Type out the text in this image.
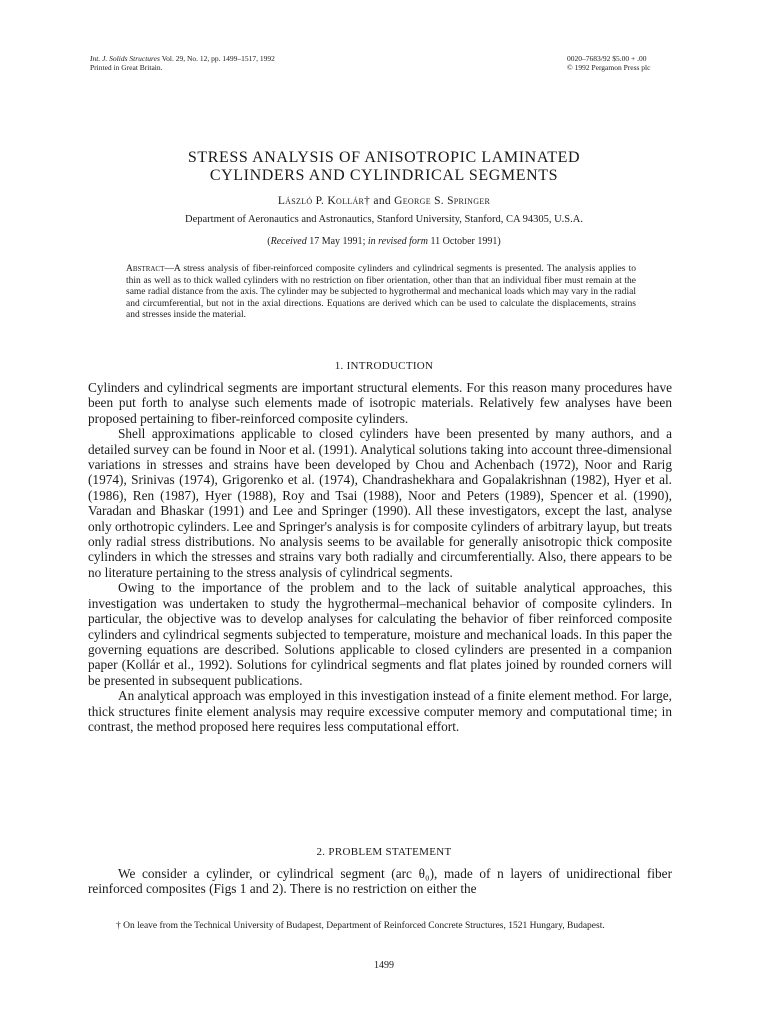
Int. J. Solids Structures Vol. 29, No. 12, pp. 1499–1517, 1992
Printed in Great Britain.
0020–7683/92 $5.00 + .00
© 1992 Pergamon Press plc
STRESS ANALYSIS OF ANISOTROPIC LAMINATED
CYLINDERS AND CYLINDRICAL SEGMENTS
László P. Kollár† and George S. Springer
Department of Aeronautics and Astronautics, Stanford University, Stanford, CA 94305, U.S.A.
(Received 17 May 1991; in revised form 11 October 1991)
Abstract—A stress analysis of fiber-reinforced composite cylinders and cylindrical segments is presented. The analysis applies to thin as well as to thick walled cylinders with no restriction on fiber orientation, other than that an individual fiber must remain at the same radial distance from the axis. The cylinder may be subjected to hygrothermal and mechanical loads which may vary in the radial and circumferential, but not in the axial directions. Equations are derived which can be used to calculate the displacements, strains and stresses inside the material.
1. INTRODUCTION

Cylinders and cylindrical segments are important structural elements. For this reason many procedures have been put forth to analyse such elements made of isotropic materials. Relatively few analyses have been proposed pertaining to fiber-reinforced composite cylinders.

Shell approximations applicable to closed cylinders have been presented by many authors, and a detailed survey can be found in Noor et al. (1991). Analytical solutions taking into account three-dimensional variations in stresses and strains have been developed by Chou and Achenbach (1972), Noor and Rarig (1974), Srinivas (1974), Grigorenko et al. (1974), Chandrashekhara and Gopalakrishnan (1982), Hyer et al. (1986), Ren (1987), Hyer (1988), Roy and Tsai (1988), Noor and Peters (1989), Spencer et al. (1990), Varadan and Bhaskar (1991) and Lee and Springer (1990). All these investigators, except the last, analyse only orthotropic cylinders. Lee and Springer's analysis is for composite cylinders of arbitrary layup, but treats only radial stress distributions. No analysis seems to be available for generally anisotropic thick composite cylinders in which the stresses and strains vary both radially and circumferentially. Also, there appears to be no literature pertaining to the stress analysis of cylindrical segments.

Owing to the importance of the problem and to the lack of suitable analytical approaches, this investigation was undertaken to study the hygrothermal–mechanical behavior of composite cylinders. In particular, the objective was to develop analyses for calculating the behavior of fiber reinforced composite cylinders and cylindrical segments subjected to temperature, moisture and mechanical loads. In this paper the governing equations are described. Solutions applicable to closed cylinders are presented in a companion paper (Kollár et al., 1992). Solutions for cylindrical segments and flat plates joined by rounded corners will be presented in subsequent publications.

An analytical approach was employed in this investigation instead of a finite element method. For large, thick structures finite element analysis may require excessive computer memory and computational time; in contrast, the method proposed here requires less computational effort.

2. PROBLEM STATEMENT

We consider a cylinder, or cylindrical segment (arc θ₀), made of n layers of unidirectional fiber reinforced composites (Figs 1 and 2). There is no restriction on either the

† On leave from the Technical University of Budapest, Department of Reinforced Concrete Structures, 1521 Hungary, Budapest.
1499
